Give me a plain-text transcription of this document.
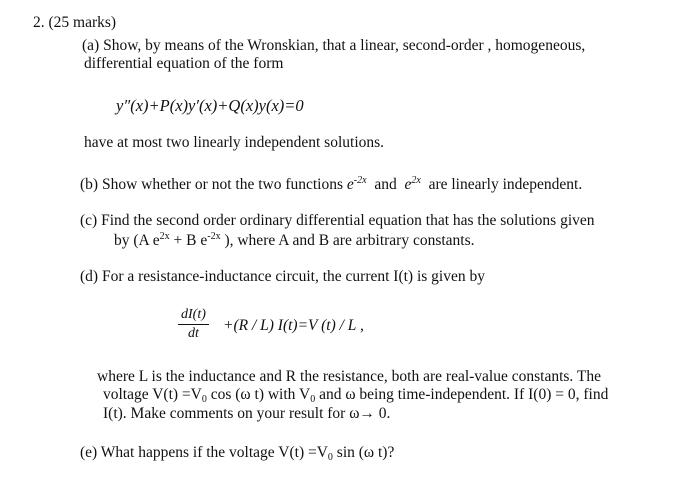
2. (25 marks)
(a) Show, by means of the Wronskian, that a linear, second-order , homogeneous,
differential equation of the form
y″(x)+P(x)y′(x)+Q(x)y(x)=0
have at most two linearly independent solutions.
(b) Show whether or not the two functions $e^{-2x}$ and $e^{2x}$ are linearly independent.
(c) Find the second order ordinary differential equation that has the solutions given
by (A $e^{2x} + B$ $e^{-2x}$ ), where A and B are arbitrary constants.
(d) For a resistance-inductance circuit, the current I(t) is given by
$\frac{dI(t)}{dt} +(R / L)$ I(t)=V (t) / L ,
where L is the inductance and R the resistance, both are real-value constants. The
voltage $V(t) =V_0$ cos (ω t) with $V_0$ and ω being time-independent. If I(0) = 0, find
I(t). Make comments on your result for ω→ 0.
(e) What happens if the voltage $V(t) =V_0$ sin (ω t)?
